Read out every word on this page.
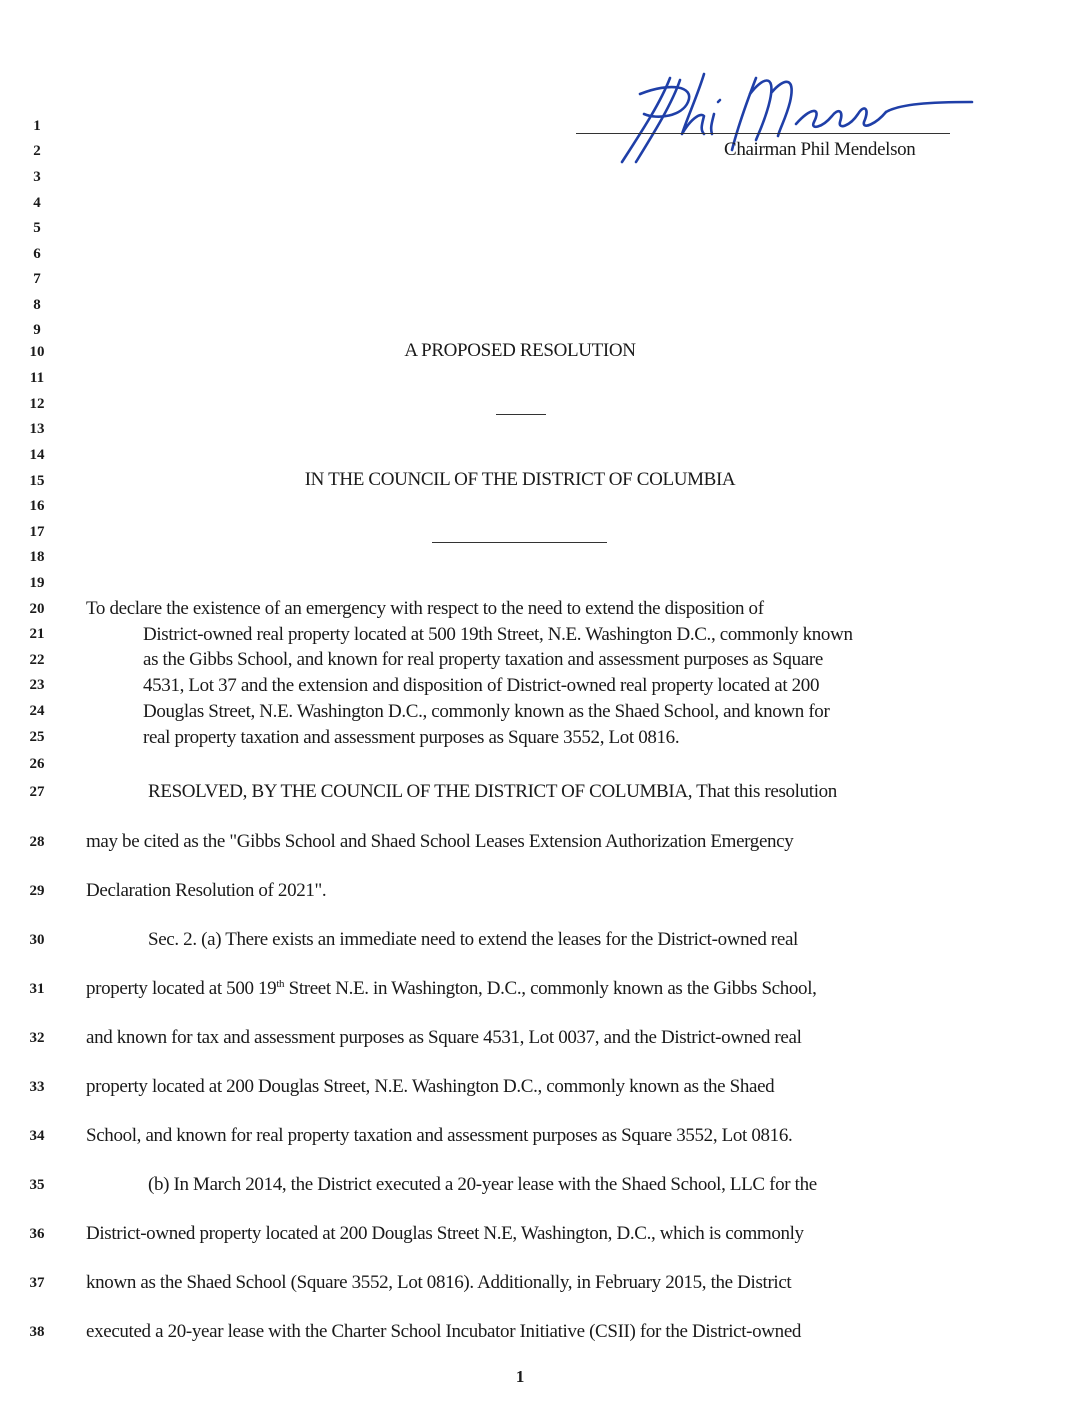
Chairman Phil Mendelson
1
2
3
4
5
6
7
8
9
10
11
12
13
14
15
16
17
18
19
20
21
22
23
24
25
26
27
28
29
30
31
32
33
34
35
36
37
38
A PROPOSED RESOLUTION
IN THE COUNCIL OF THE DISTRICT OF COLUMBIA
To declare the existence of an emergency with respect to the need to extend the disposition of
District-owned real property located at 500 19th Street, N.E. Washington D.C., commonly known
as the Gibbs School, and known for real property taxation and assessment purposes as Square
4531, Lot 37 and the extension and disposition of District-owned real property located at 200
Douglas Street, N.E. Washington D.C., commonly known as the Shaed School, and known for
real property taxation and assessment purposes as Square 3552, Lot 0816.
RESOLVED, BY THE COUNCIL OF THE DISTRICT OF COLUMBIA, That this resolution
may be cited as the "Gibbs School and Shaed School Leases Extension Authorization Emergency
Declaration Resolution of 2021".
Sec. 2. (a) There exists an immediate need to extend the leases for the District-owned real
property located at 500 19th Street N.E. in Washington, D.C., commonly known as the Gibbs School,
and known for tax and assessment purposes as Square 4531, Lot 0037, and the District-owned real
property located at 200 Douglas Street, N.E. Washington D.C., commonly known as the Shaed
School, and known for real property taxation and assessment purposes as Square 3552, Lot 0816.
(b) In March 2014, the District executed a 20-year lease with the Shaed School, LLC for the
District-owned property located at 200 Douglas Street N.E, Washington, D.C., which is commonly
known as the Shaed School (Square 3552, Lot 0816). Additionally, in February 2015, the District
executed a 20-year lease with the Charter School Incubator Initiative (CSII) for the District-owned
1
